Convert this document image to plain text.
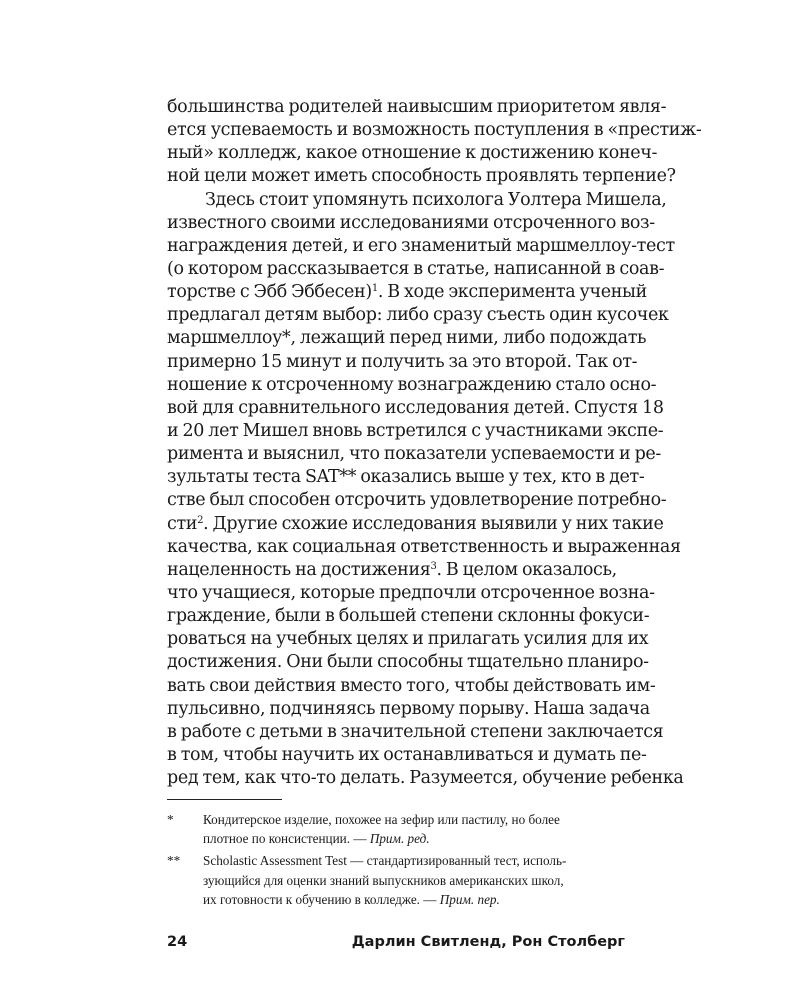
большинства родителей наивысшим приоритетом явля-
ется успеваемость и возможность поступления в «престиж-
ный» колледж, какое отношение к достижению конеч-
ной цели может иметь способность проявлять терпение?
Здесь стоит упомянуть психолога Уолтера Мишела,
известного своими исследованиями отсроченного воз-
награждения детей, и его знаменитый маршмеллоу-тест
(о котором рассказывается в статье, написанной в соав-
торстве с Эбб Эббесен)$^1$. В ходе эксперимента ученый
предлагал детям выбор: либо сразу съесть один кусочек
маршмеллоу*, лежащий перед ними, либо подождать
примерно 15 минут и получить за это второй. Так от-
ношение к отсроченному вознаграждению стало осно-
вой для сравнительного исследования детей. Спустя 18
и 20 лет Мишел вновь встретился с участниками экспе-
римента и выяснил, что показатели успеваемости и ре-
зультаты теста SAT** оказались выше у тех, кто в дет-
стве был способен отсрочить удовлетворение потребно-
сти$^2$. Другие схожие исследования выявили у них такие
качества, как социальная ответственность и выраженная
нацеленность на достижения$^3$. В целом оказалось,
что учащиеся, которые предпочли отсроченное возна-
граждение, были в большей степени склонны фокуси-
роваться на учебных целях и прилагать усилия для их
достижения. Они были способны тщательно планиро-
вать свои действия вместо того, чтобы действовать им-
пульсивно, подчиняясь первому порыву. Наша задача
в работе с детьми в значительной степени заключается
в том, чтобы научить их останавливаться и думать пе-
ред тем, как что-то делать. Разумеется, обучение ребенка
*	Кондитерское изделие, похожее на зефир или пастилу, но более
плотное по консистенции. — Прим. ред.
**	Scholastic Assessment Test — стандартизированный тест, исполь-
зующийся для оценки знаний выпускников американских школ,
их готовности к обучению в колледже. — Прим. пер.
24	Дарлин Свитленд, Рон Столберг
